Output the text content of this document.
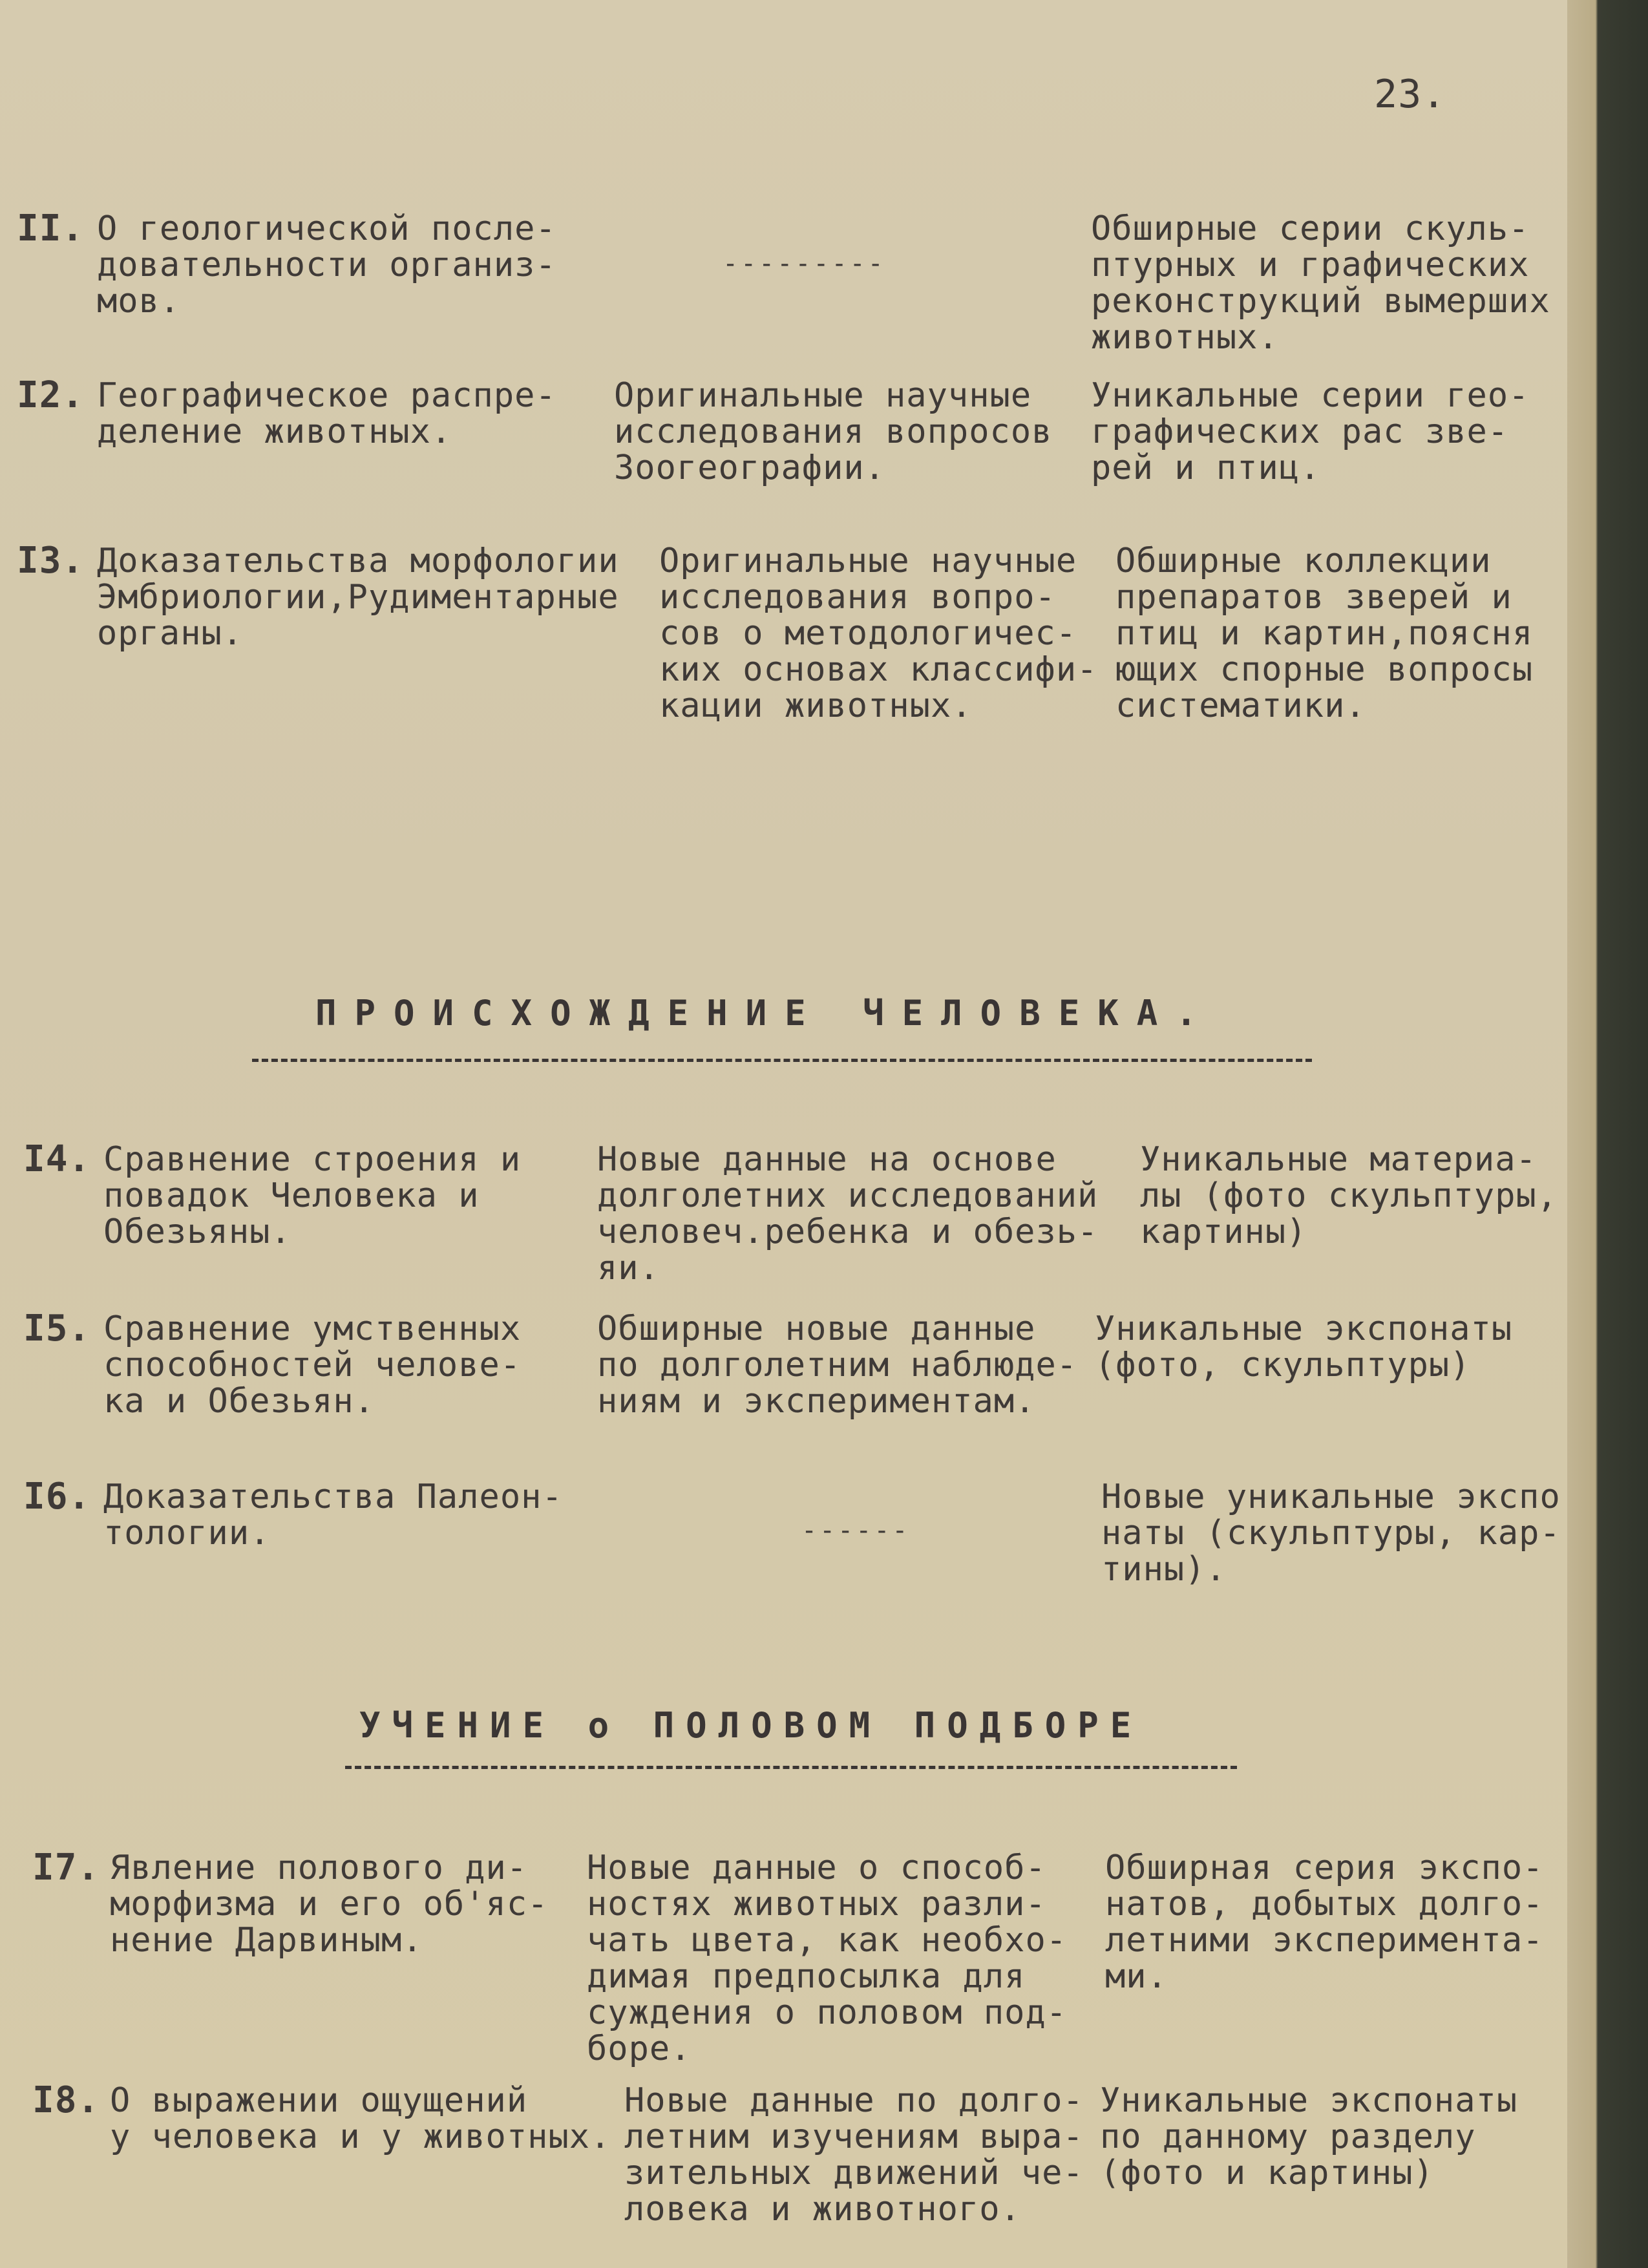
23.
II. О геологической после-
довательности организ-
мов.
---------
Обширные серии скуль-
птурных и графических
реконструкций вымерших
животных.
I2. Географическое распре-
деление животных.
Оригинальные научные
исследования вопросов
Зоогеографии.
Уникальные серии гео-
графических рас зве-
рей и птиц.
I3. Доказательства морфологии
Эмбриологии,Рудиментарные
органы.
Оригинальные научные
исследования вопро-
сов о методологичес-
ких основах классифи-
кации животных.
Обширные коллекции
препаратов зверей и
птиц и картин,поясня
ющих спорные вопросы
систематики.
ПРОИСХОЖДЕНИЕ ЧЕЛОВЕКА.
I4. Сравнение строения и
повадок Человека и
Обезьяны.
Новые данные на основе
долголетних исследований
человеч.ребенка и обезь-
яи.
Уникальные материа-
лы (фото скульптуры,
картины)
I5. Сравнение умственных
способностей челове-
ка и Обезьян.
Обширные новые данные
по долголетним наблюде-
ниям и экспериментам.
Уникальные экспонаты
(фото, скульптуры)
I6. Доказательства Палеон-
тологии.	------
Новые уникальные экспо
наты (скульптуры, кар-
тины).
УЧЕНИЕ о ПОЛОВОМ ПОДБОРЕ
I7. Явление полового ди-
морфизма и его об'яс-
нение Дарвиным.
Новые данные о способ-
ностях животных разли-
чать цвета, как необхо-
димая предпосылка для
суждения о половом под-
боре.
Обширная серия экспо-
натов, добытых долго-
летними эксперимента-
ми.
I8. О выражении ощущений
у человека и у животных.
Новые данные по долго-
летним изучениям выра-
зительных движений че-
ловека и животного.
Уникальные экспонаты
по данному разделу
(фото и картины)
